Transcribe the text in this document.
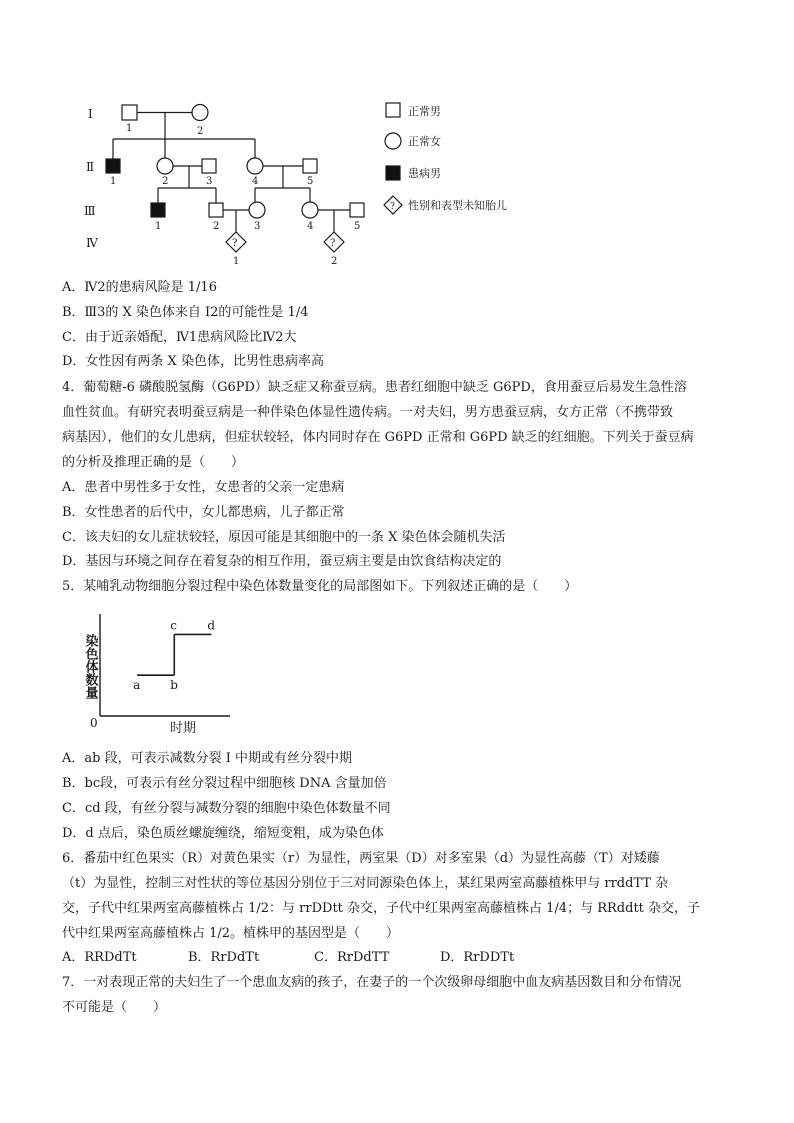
Ⅰ
Ⅱ
Ⅲ
Ⅳ
1	2
1	2	3	4	5
1	2	3	4	5
1	2
?	?
?
正常男
正常女
患病男
性别和表型未知胎儿
A．Ⅳ2的患病风险是 1/16
B．Ⅲ3的 X 染色体来自 I2的可能性是 1/4
C．由于近亲婚配，Ⅳ1患病风险比Ⅳ2大
D．女性因有两条 X 染色体，比男性患病率高
4．葡萄糖-6 磷酸脱氢酶（G6PD）缺乏症又称蚕豆病。患者红细胞中缺乏 G6PD，食用蚕豆后易发生急性溶
血性贫血。有研究表明蚕豆病是一种伴染色体显性遗传病。一对夫妇，男方患蚕豆病，女方正常（不携带致
病基因），他们的女儿患病，但症状较轻，体内同时存在 G6PD 正常和 G6PD 缺乏的红细胞。下列关于蚕豆病
的分析及推理正确的是（　　）
A．患者中男性多于女性，女患者的父亲一定患病
B．女性患者的后代中，女儿都患病，儿子都正常
C．该夫妇的女儿症状较轻，原因可能是其细胞中的一条 X 染色体会随机失活
D．基因与环境之间存在着复杂的相互作用，蚕豆病主要是由饮食结构决定的
5．某哺乳动物细胞分裂过程中染色体数量变化的局部图如下。下列叙述正确的是（　　）
染色体数量
0	时期
a b
c	d
A．ab 段，可表示减数分裂 I 中期或有丝分裂中期
B．bc段，可表示有丝分裂过程中细胞核 DNA 含量加倍
C．cd 段，有丝分裂与减数分裂的细胞中染色体数量不同
D．d 点后，染色质丝螺旋缠绕，缩短变粗，成为染色体
6．番茄中红色果实（R）对黄色果实（r）为显性，两室果（D）对多室果（d）为显性高藤（T）对矮藤
（t）为显性，控制三对性状的等位基因分别位于三对同源染色体上，某红果两室高藤植株甲与 rrddTT 杂
交，子代中红果两室高藤植株占 1/2：与 rrDDtt 杂交，子代中红果两室高藤植株占 1/4；与 RRddtt 杂交，子
代中红果两室高藤植株占 1/2。植株甲的基因型是（　　）
A．RRDdTt	B．RrDdTt	C．RrDdTT	D．RrDDTt
7．一对表现正常的夫妇生了一个患血友病的孩子，在妻子的一个次级卵母细胞中血友病基因数目和分布情况
不可能是（　　）
